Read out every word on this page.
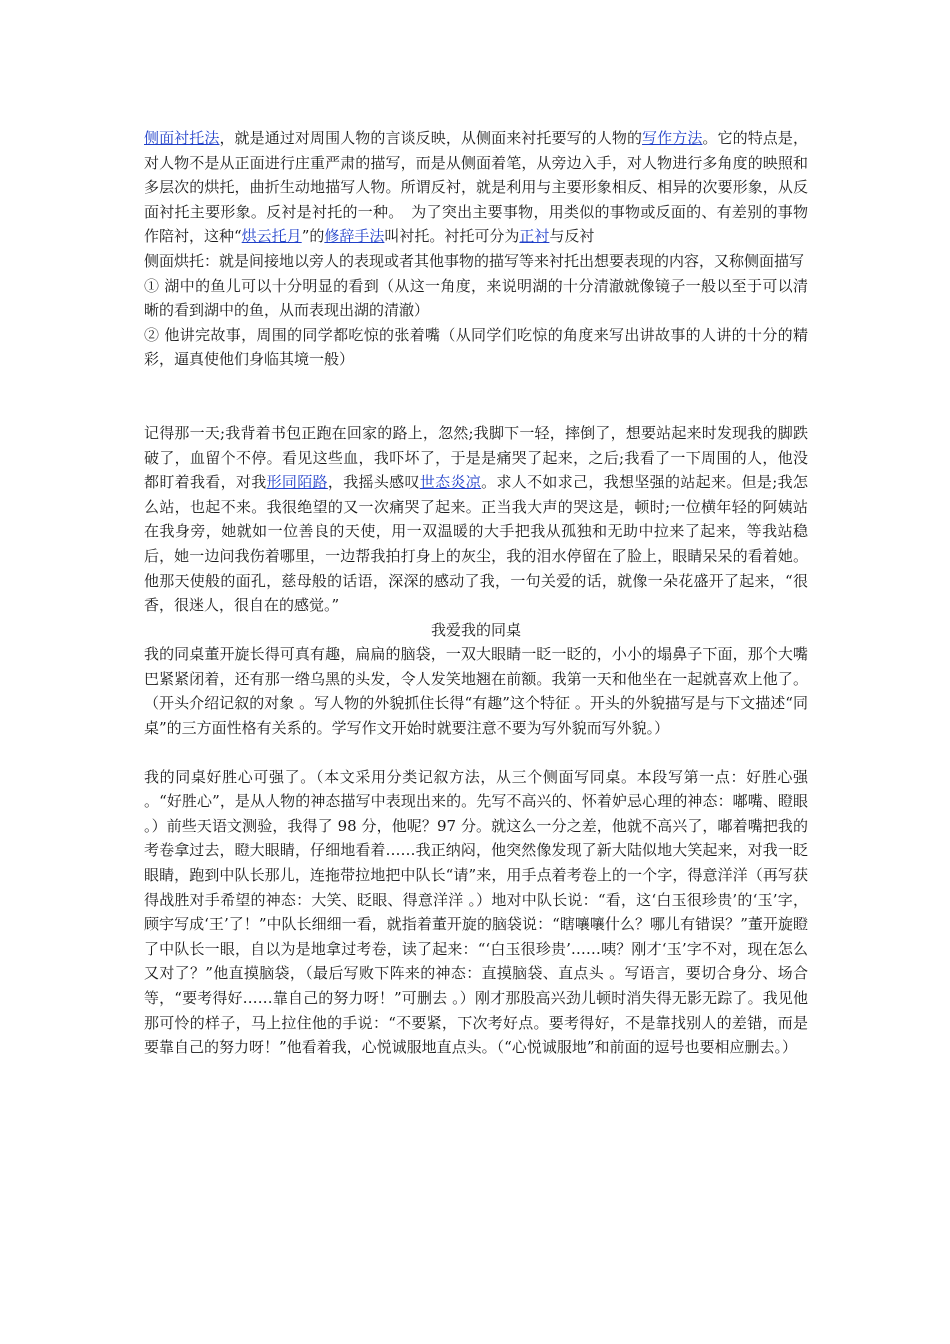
侧面衬托法，就是通过对周围人物的言谈反映，从侧面来衬托要写的人物的写作方法。它的特点是，对人物不是从正面进行庄重严肃的描写，而是从侧面着笔，从旁边入手，对人物进行多角度的映照和多层次的烘托，曲折生动地描写人物。所谓反衬，就是利用与主要形象相反、相异的次要形象，从反面衬托主要形象。反衬是衬托的一种。　为了突出主要事物，用类似的事物或反面的、有差别的事物作陪衬，这种“烘云托月”的修辞手法叫衬托。衬托可分为正衬与反衬

侧面烘托：就是间接地以旁人的表现或者其他事物的描写等来衬托出想要表现的内容，又称侧面描写

① 湖中的鱼儿可以十分明显的看到（从这一角度，来说明湖的十分清澈就像镜子一般以至于可以清晰的看到湖中的鱼，从而表现出湖的清澈）

② 他讲完故事，周围的同学都吃惊的张着嘴（从同学们吃惊的角度来写出讲故事的人讲的十分的精彩，逼真使他们身临其境一般）

记得那一天;我背着书包正跑在回家的路上，忽然;我脚下一轻，摔倒了，想要站起来时发现我的脚跌破了，血留个不停。看见这些血，我吓坏了，于是是痛哭了起来，之后;我看了一下周围的人，他没都盯着我看，对我形同陌路，我摇头感叹世态炎凉。求人不如求己，我想坚强的站起来。但是;我怎么站，也起不来。我很绝望的又一次痛哭了起来。正当我大声的哭这是，顿时;一位横年轻的阿姨站在我身旁，她就如一位善良的天使，用一双温暖的大手把我从孤独和无助中拉来了起来，等我站稳后，她一边问我伤着哪里，一边帮我拍打身上的灰尘，我的泪水停留在了脸上，眼睛呆呆的看着她。他那天使般的面孔，慈母般的话语，深深的感动了我，一句关爱的话，就像一朵花盛开了起来，“很香，很迷人，很自在的感觉。”

我爱我的同桌

我的同桌董开旋长得可真有趣，扁扁的脑袋，一双大眼睛一眨一眨的，小小的塌鼻子下面，那个大嘴巴紧紧闭着，还有那一绺乌黑的头发，令人发笑地翘在前额。我第一天和他坐在一起就喜欢上他了。（开头介绍记叙的对象 。写人物的外貌抓住长得“有趣”这个特征 。开头的外貌描写是与下文描述“同桌”的三方面性格有关系的。学写作文开始时就要注意不要为写外貌而写外貌。）

我的同桌好胜心可强了。（本文采用分类记叙方法，从三个侧面写同桌。本段写第一点：好胜心强 。“好胜心”，是从人物的神态描写中表现出来的。先写不高兴的、怀着妒忌心理的神态：嘟嘴、瞪眼 。）前些天语文测验，我得了 98 分，他呢？97 分。就这么一分之差，他就不高兴了，嘟着嘴把我的考卷拿过去，瞪大眼睛，仔细地看着……我正纳闷，他突然像发现了新大陆似地大笑起来，对我一眨眼睛，跑到中队长那儿，连拖带拉地把中队长“请”来，用手点着考卷上的一个字，得意洋洋（再写获得战胜对手希望的神态：大笑、眨眼、得意洋洋 。）地对中队长说：“看，这‘白玉很珍贵’的‘玉’字，顾宇写成‘王’了！”中队长细细一看，就指着董开旋的脑袋说：“瞎嚷嚷什么？哪儿有错误？”董开旋瞪了中队长一眼，自以为是地拿过考卷，读了起来：“‘白玉很珍贵’……咦？刚才‘玉’字不对，现在怎么又对了？”他直摸脑袋，（最后写败下阵来的神态：直摸脑袋、直点头 。写语言，要切合身分、场合等，“要考得好……靠自己的努力呀！”可删去 。）刚才那股高兴劲儿顿时消失得无影无踪了。我见他那可怜的样子，马上拉住他的手说：“不要紧，下次考好点。要考得好，不是靠找别人的差错，而是要靠自己的努力呀！”他看着我，心悦诚服地直点头。（“心悦诚服地”和前面的逗号也要相应删去。）
